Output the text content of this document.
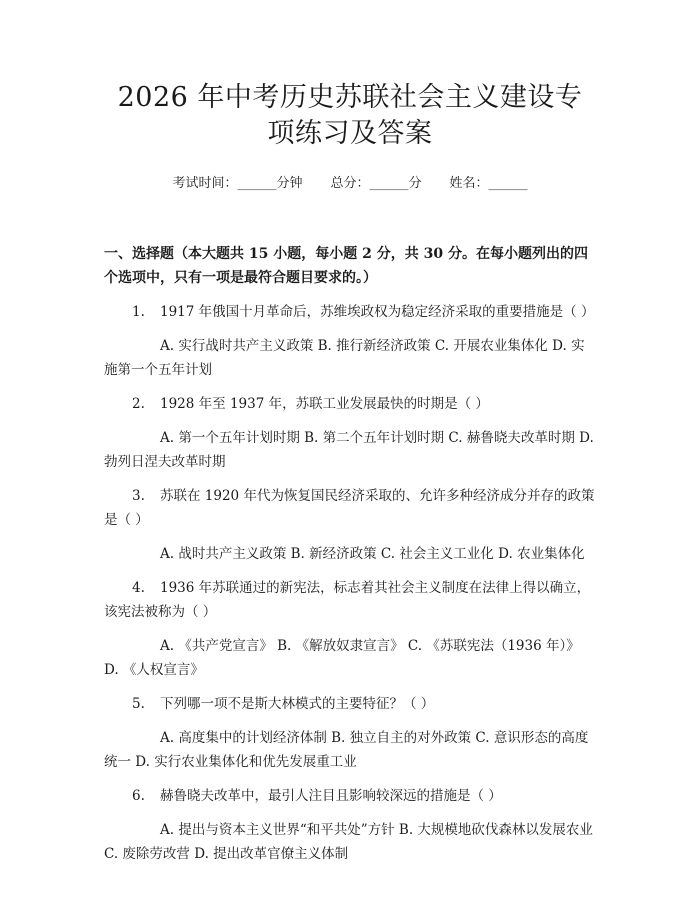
2026 年中考历史苏联社会主义建设专项练习及答案
考试时间：______分钟 总分：______分 姓名：______
一、选择题（本大题共 15 小题，每小题 2 分，共 30 分。在每小题列出的四个选项中，只有一项是最符合题目要求的。）
1. 1917 年俄国十月革命后，苏维埃政权为稳定经济采取的重要措施是（ ）
A. 实行战时共产主义政策 B. 推行新经济政策 C. 开展农业集体化 D. 实施第一个五年计划
2. 1928 年至 1937 年，苏联工业发展最快的时期是（ ）
A. 第一个五年计划时期 B. 第二个五年计划时期 C. 赫鲁晓夫改革时期 D. 勃列日涅夫改革时期
3. 苏联在 1920 年代为恢复国民经济采取的、允许多种经济成分并存的政策是（ ）
A. 战时共产主义政策 B. 新经济政策 C. 社会主义工业化 D. 农业集体化
4. 1936 年苏联通过的新宪法，标志着其社会主义制度在法律上得以确立，该宪法被称为（ ）
A. 《共产党宣言》 B. 《解放奴隶宣言》 C. 《苏联宪法（1936 年）》 D. 《人权宣言》
5. 下列哪一项不是斯大林模式的主要特征？（ ）
A. 高度集中的计划经济体制 B. 独立自主的对外政策 C. 意识形态的高度统一 D. 实行农业集体化和优先发展重工业
6. 赫鲁晓夫改革中，最引人注目且影响较深远的措施是（ ）
A. 提出与资本主义世界“和平共处”方针 B. 大规模地砍伐森林以发展农业 C. 废除劳改营 D. 提出改革官僚主义体制
